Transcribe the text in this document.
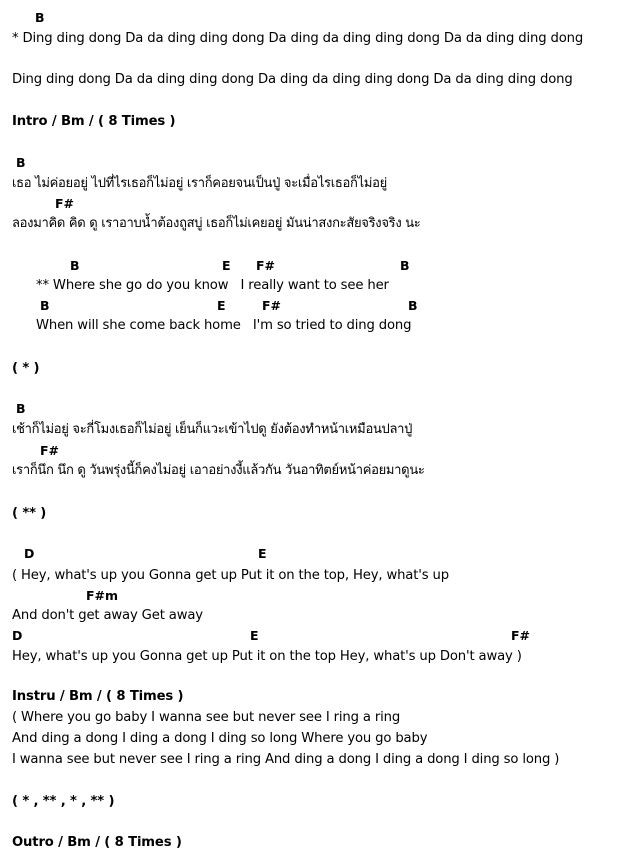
B
* Ding ding dong Da da ding ding dong Da ding da ding ding dong Da da ding ding dong
Ding ding dong Da da ding ding dong Da ding da ding ding dong Da da ding ding dong
Intro / Bm / ( 8 Times )
B
เธอ ไม่ค่อยอยู่ ไปที่ไรเธอก็ไม่อยู่ เราก็คอยจนเป็นปู่ จะเมื่อไรเธอก็ไม่อยู่
F#
ลองมาคิด คิด ดู เราอาบน้ำต้องถูสบู่ เธอก็ไม่เคยอยู่ มันน่าสงกะสัยจริงจริง นะ
B	E F#	B
** Where she go do you know   I really want to see her
B	E	F#	B
When will she come back home   I'm so tried to ding dong
( * )
B
เช้าก็ไม่อยู่ จะกี่โมงเธอก็ไม่อยู่ เย็นก็แวะเข้าไปดู ยังต้องทำหน้าเหมือนปลาปู่
F#
เราก็นึก นึก ดู วันพรุ่งนี้ก็คงไม่อยู่ เอาอย่างงี้แล้วกัน วันอาทิตย์หน้าค่อยมาดูนะ
( ** )
D	E
( Hey, what's up you Gonna get up Put it on the top, Hey, what's up
F#m
And don't get away Get away
D	E	F#
Hey, what's up you Gonna get up Put it on the top Hey, what's up Don't away )
Instru / Bm / ( 8 Times )
( Where you go baby I wanna see but never see I ring a ring
And ding a dong I ding a dong I ding so long Where you go baby
I wanna see but never see I ring a ring And ding a dong I ding a dong I ding so long )
( * , ** , * , ** )
Outro / Bm / ( 8 Times )
